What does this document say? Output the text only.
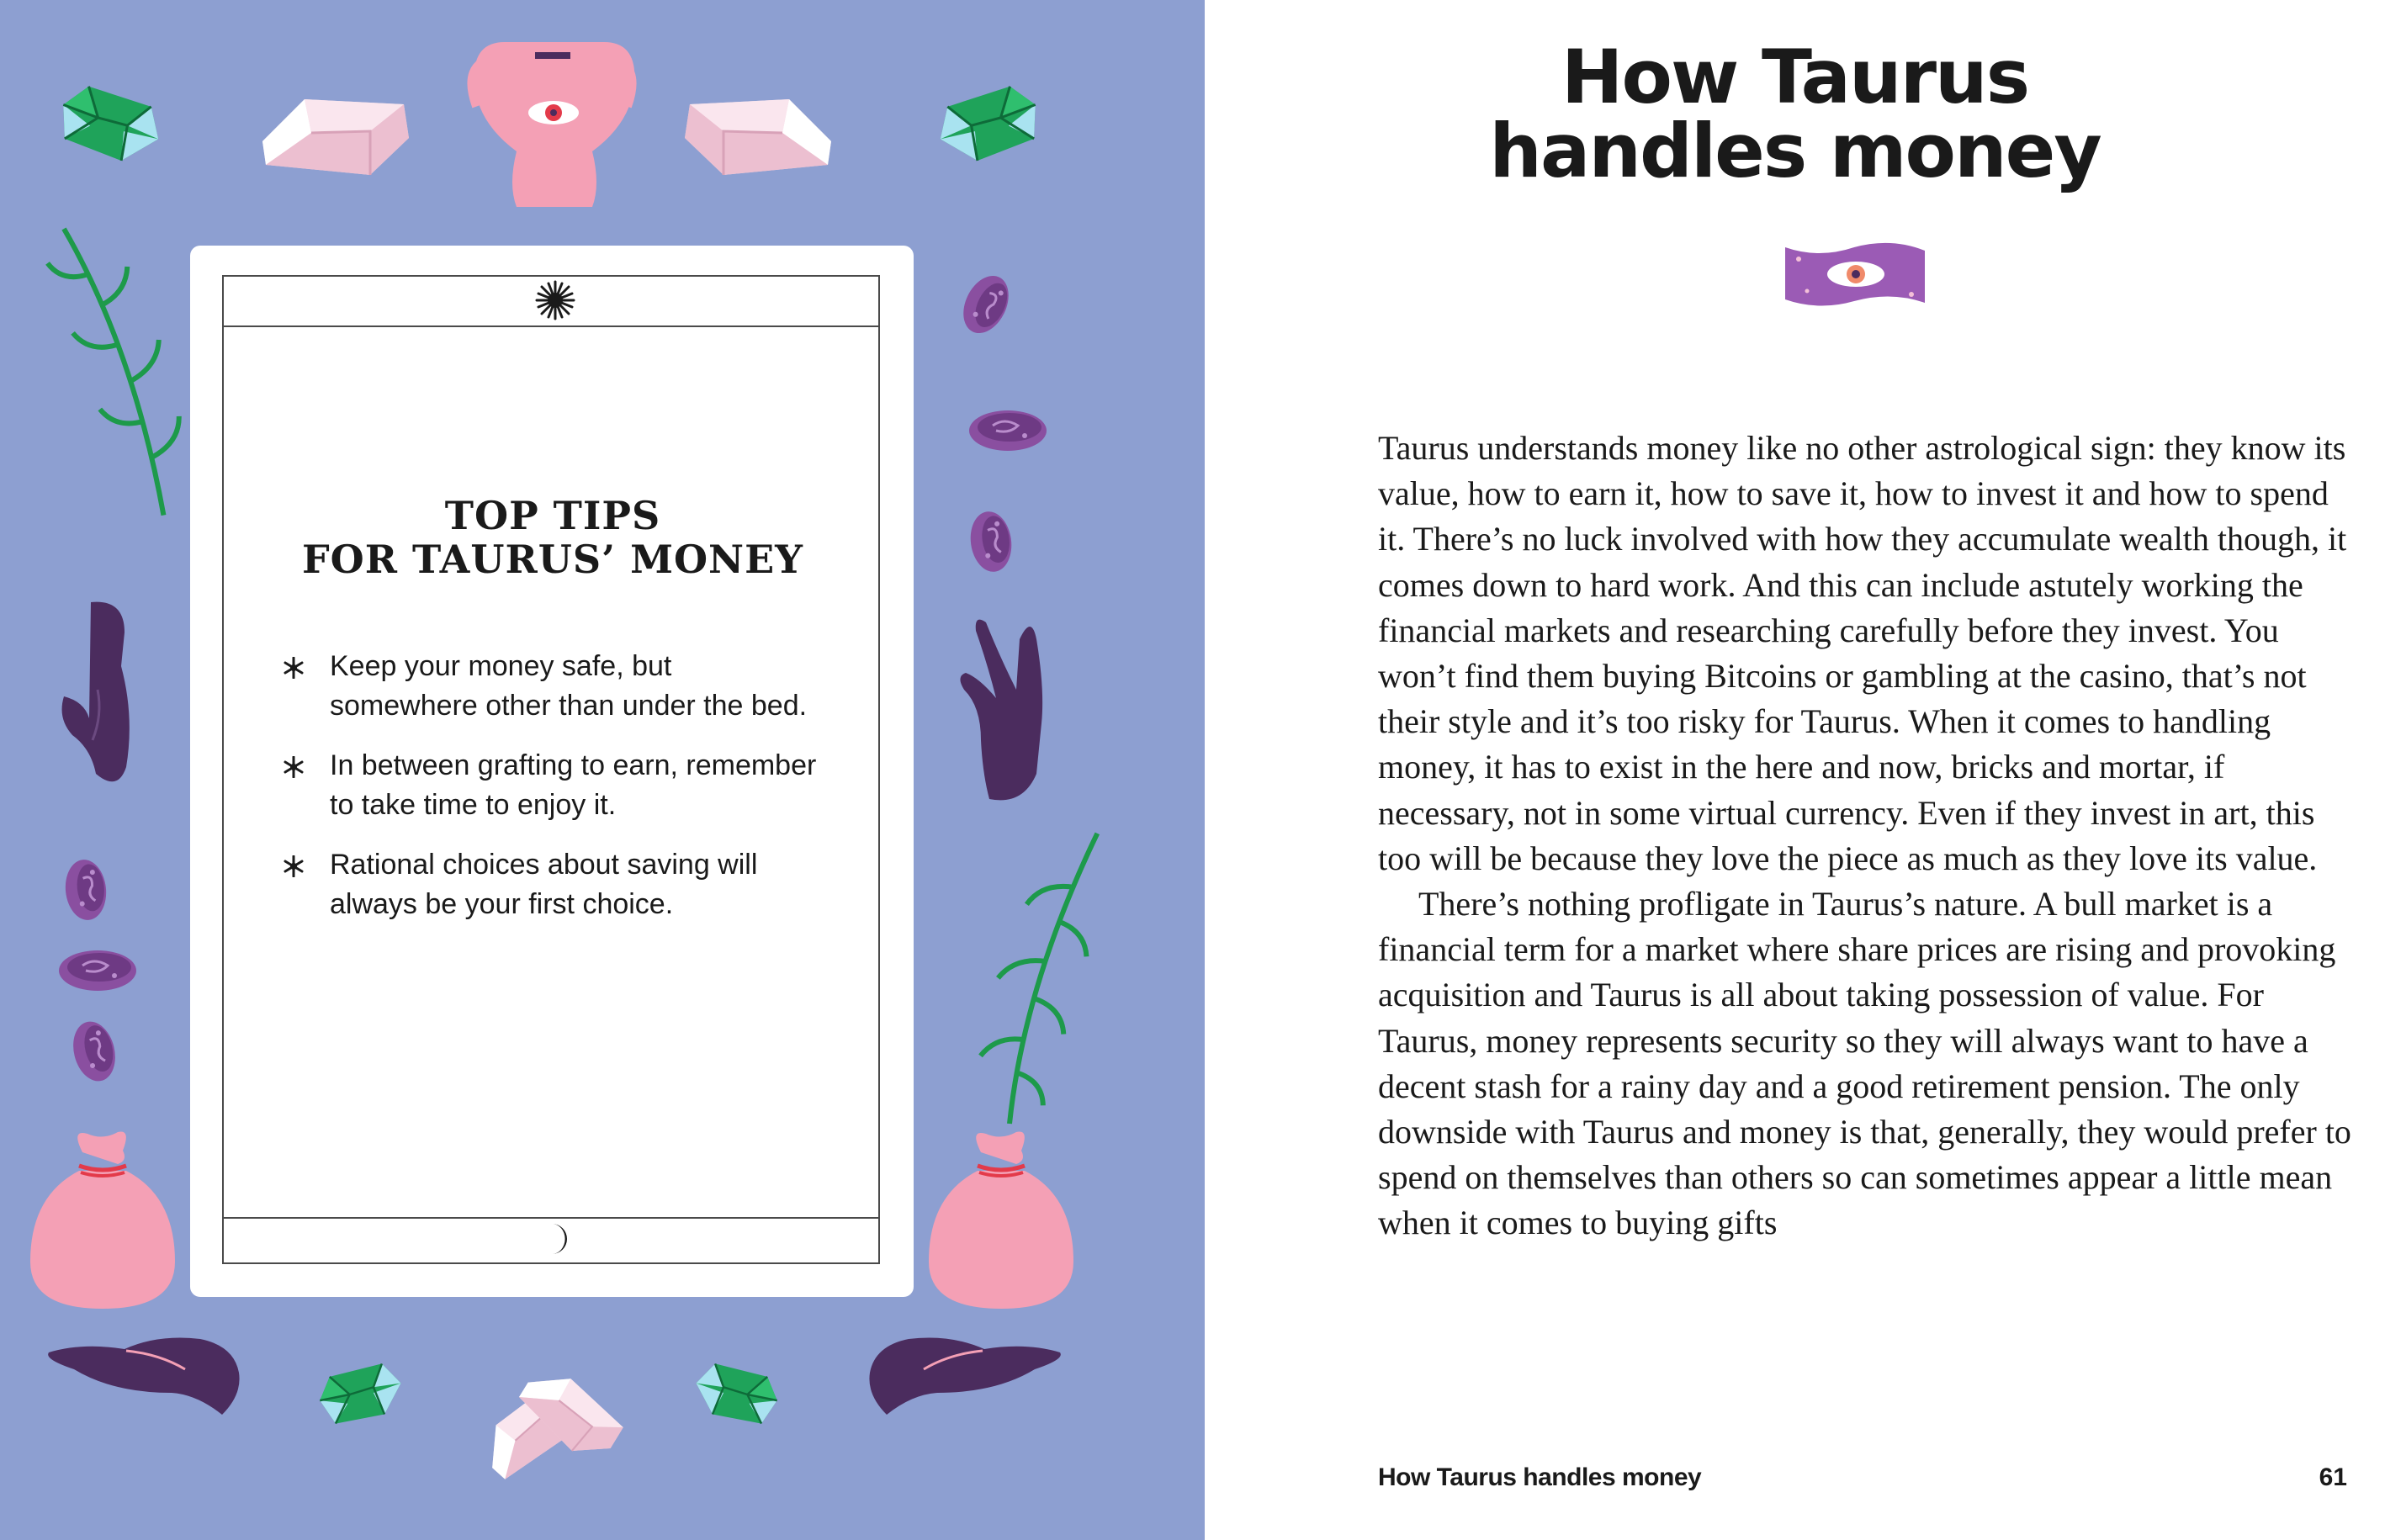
TOP TIPS
FOR TAURUS’ MONEY
Keep your money safe, but somewhere other than under the bed.
In between grafting to earn, remember to take time to enjoy it.
Rational choices about saving will always be your first choice.
How Taurus
handles money

Taurus understands money like no other astrological sign: they know its value, how to earn it, how to save it, how to invest it and how to spend it. There’s no luck involved with how they accumulate wealth though, it comes down to hard work. And this can include astutely working the financial markets and researching carefully before they invest. You won’t find them buying Bitcoins or gambling at the casino, that’s not their style and it’s too risky for Taurus. When it comes to handling money, it has to exist in the here and now, bricks and mortar, if necessary, not in some virtual currency. Even if they invest in art, this too will be because they love the piece as much as they love its value.

There’s nothing profligate in Taurus’s nature. A bull market is a financial term for a market where share prices are rising and provoking acquisition and Taurus is all about taking possession of value. For Taurus, money represents security so they will always want to have a decent stash for a rainy day and a good retirement pension. The only downside with Taurus and money is that, generally, they would prefer to spend on themselves than others so can sometimes appear a little mean when it comes to buying gifts

How Taurus handles money	61
